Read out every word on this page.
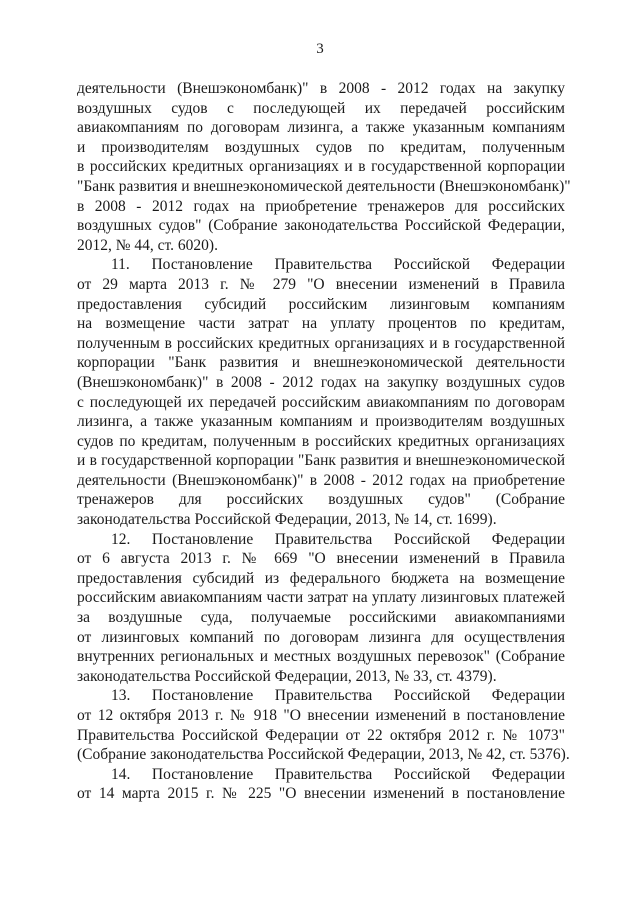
3

деятельности (Внешэкономбанк)" в 2008 - 2012 годах на закупку
воздушных судов с последующей их передачей российским
авиакомпаниям по договорам лизинга, а также указанным компаниям
и производителям воздушных судов по кредитам, полученным
в российских кредитных организациях и в государственной корпорации
"Банк развития и внешнеэкономической деятельности (Внешэкономбанк)"
в 2008 - 2012 годах на приобретение тренажеров для российских
воздушных судов" (Собрание законодательства Российской Федерации,
2012, № 44, ст. 6020).

11. Постановление Правительства Российской Федерации
от 29 марта 2013 г. № 279 "О внесении изменений в Правила
предоставления субсидий российским лизинговым компаниям
на возмещение части затрат на уплату процентов по кредитам,
полученным в российских кредитных организациях и в государственной
корпорации "Банк развития и внешнеэкономической деятельности
(Внешэкономбанк)" в 2008 - 2012 годах на закупку воздушных судов
с последующей их передачей российским авиакомпаниям по договорам
лизинга, а также указанным компаниям и производителям воздушных
судов по кредитам, полученным в российских кредитных организациях
и в государственной корпорации "Банк развития и внешнеэкономической
деятельности (Внешэкономбанк)" в 2008 - 2012 годах на приобретение
тренажеров для российских воздушных судов" (Собрание
законодательства Российской Федерации, 2013, № 14, ст. 1699).

12. Постановление Правительства Российской Федерации
от 6 августа 2013 г. № 669 "О внесении изменений в Правила
предоставления субсидий из федерального бюджета на возмещение
российским авиакомпаниям части затрат на уплату лизинговых платежей
за воздушные суда, получаемые российскими авиакомпаниями
от лизинговых компаний по договорам лизинга для осуществления
внутренних региональных и местных воздушных перевозок" (Собрание
законодательства Российской Федерации, 2013, № 33, ст. 4379).

13. Постановление Правительства Российской Федерации
от 12 октября 2013 г. № 918 "О внесении изменений в постановление
Правительства Российской Федерации от 22 октября 2012 г. № 1073"
(Собрание законодательства Российской Федерации, 2013, № 42, ст. 5376).

14. Постановление Правительства Российской Федерации
от 14 марта 2015 г. № 225 "О внесении изменений в постановление
